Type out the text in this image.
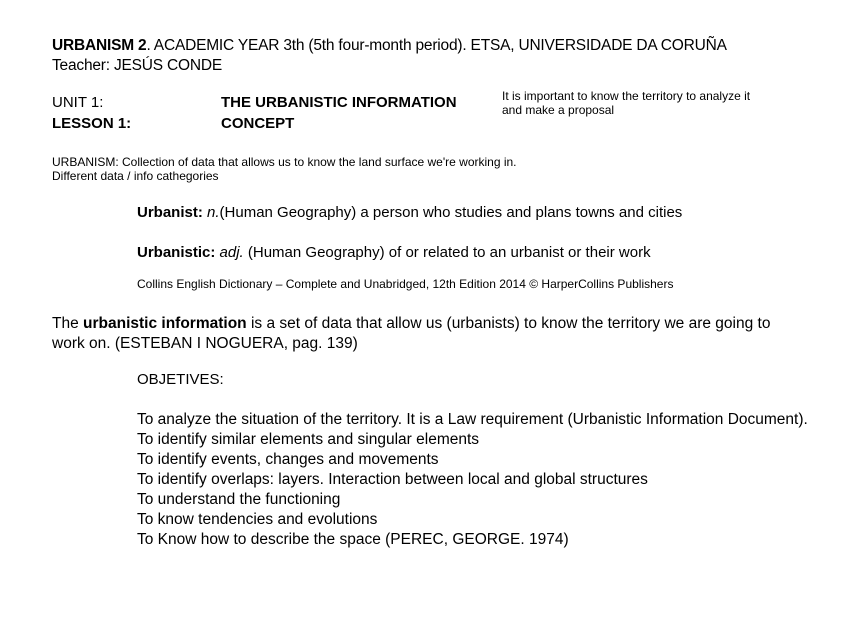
URBANISM 2. ACADEMIC YEAR 3th (5th four-month period). ETSA, UNIVERSIDADE DA CORUÑA
Teacher: JESÚS CONDE
UNIT 1:
LESSON 1:
THE URBANISTIC INFORMATION
CONCEPT
It is important to know the territory to analyze it and make a proposal
URBANISM: Collection of data that allows us to know the land surface we're working in.
Different data / info cathegories
Urbanist: n.(Human Geography) a person who studies and plans towns and cities
Urbanistic: adj. (Human Geography) of or related to an urbanist or their work
Collins English Dictionary – Complete and Unabridged, 12th Edition 2014 © HarperCollins Publishers
The urbanistic information is a set of data that allow us (urbanists) to know the territory we are going to work on. (ESTEBAN I NOGUERA, pag. 139)
OBJETIVES:
To analyze the situation of the territory. It is a Law requirement (Urbanistic Information Document).
To identify similar elements and singular elements
To identify events, changes and movements
To identify overlaps: layers. Interaction between local and global structures
To understand the functioning
To know tendencies and evolutions
To Know how to describe the space (PEREC, GEORGE. 1974)
